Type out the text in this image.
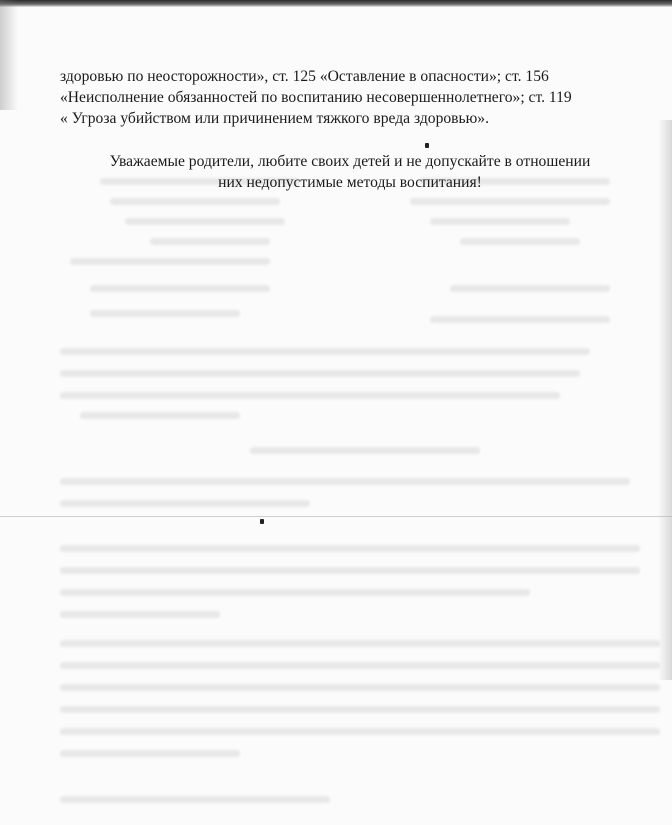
здоровью по неосторожности», ст. 125 «Оставление в опасности»; ст. 156

«Неисполнение обязанностей по воспитанию несовершеннолетнего»; ст. 119

« Угроза убийством или причинением тяжкого вреда здоровью».

Уважаемые родители, любите своих детей и не допускайте в отношении

них недопустимые методы воспитания!
